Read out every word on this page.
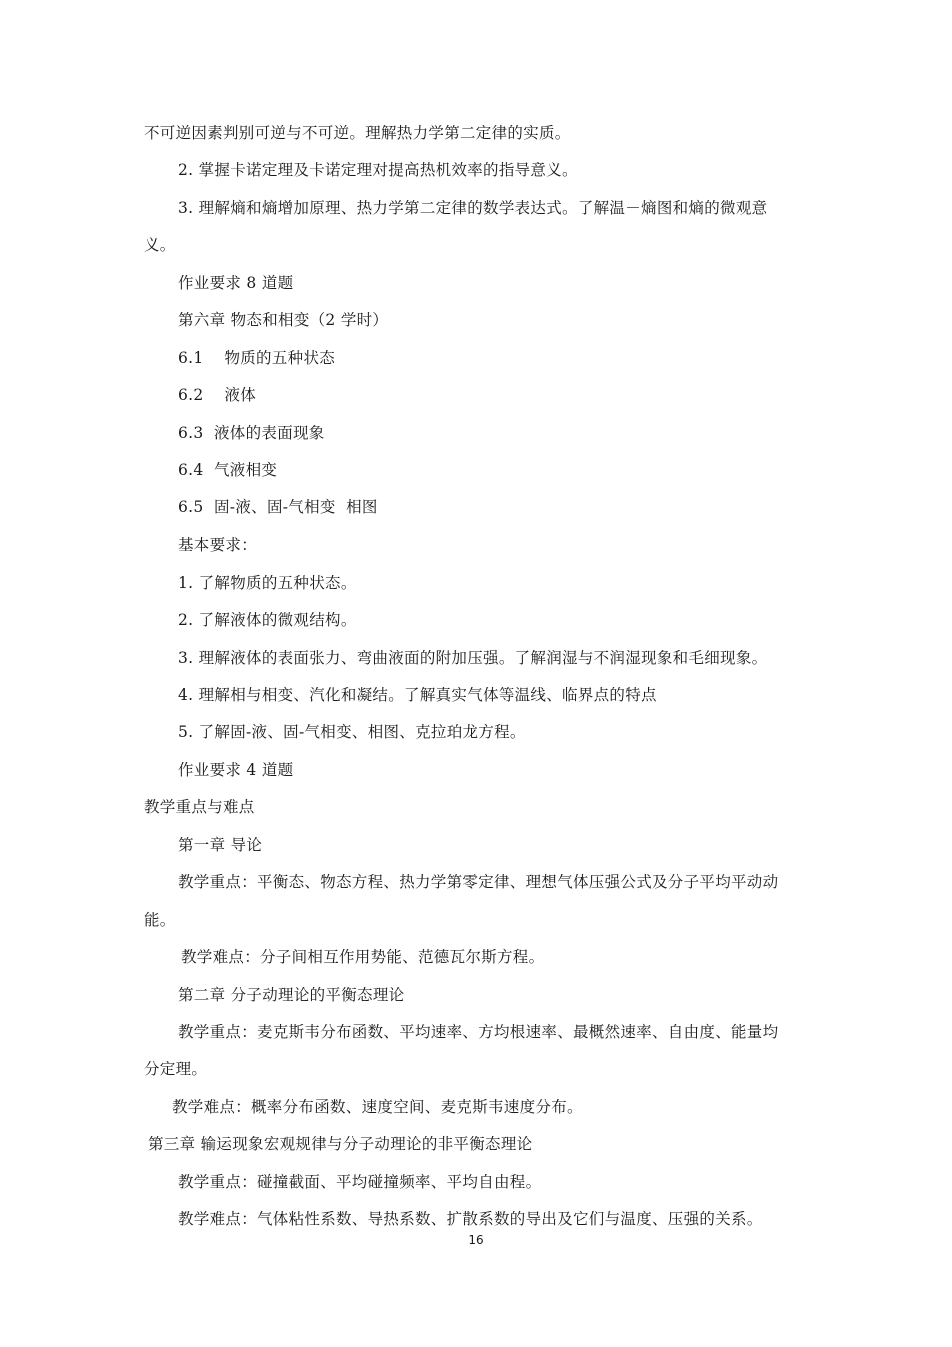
不可逆因素判别可逆与不可逆。理解热力学第二定律的实质。
2. 掌握卡诺定理及卡诺定理对提高热机效率的指导意义。
3. 理解熵和熵增加原理、热力学第二定律的数学表达式。了解温－熵图和熵的微观意
义。
作业要求 8 道题
第六章 物态和相变（2 学时）
6.1    物质的五种状态
6.2    液体
6.3  液体的表面现象
6.4  气液相变
6.5  固-液、固-气相变  相图
基本要求：
1. 了解物质的五种状态。
2. 了解液体的微观结构。
3. 理解液体的表面张力、弯曲液面的附加压强。了解润湿与不润湿现象和毛细现象。
4. 理解相与相变、汽化和凝结。了解真实气体等温线、临界点的特点
5. 了解固-液、固-气相变、相图、克拉珀龙方程。
作业要求 4 道题
教学重点与难点
第一章 导论
教学重点：平衡态、物态方程、热力学第零定律、理想气体压强公式及分子平均平动动
能。
教学难点：分子间相互作用势能、范德瓦尔斯方程。
第二章 分子动理论的平衡态理论
教学重点：麦克斯韦分布函数、平均速率、方均根速率、最概然速率、自由度、能量均
分定理。
教学难点：概率分布函数、速度空间、麦克斯韦速度分布。
第三章 输运现象宏观规律与分子动理论的非平衡态理论
教学重点：碰撞截面、平均碰撞频率、平均自由程。
教学难点：气体粘性系数、导热系数、扩散系数的导出及它们与温度、压强的关系。
16
